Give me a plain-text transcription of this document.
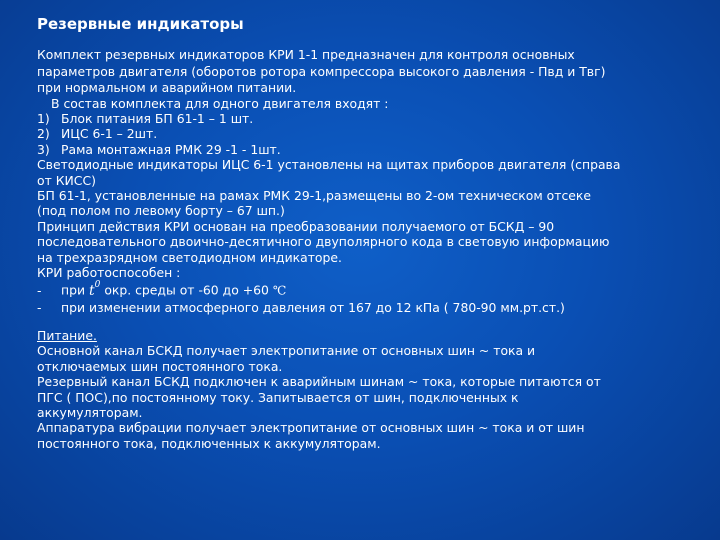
Резервные индикаторы
Комплект резервных индикаторов КРИ 1-1 предназначен для контроля основных
параметров двигателя (оборотов ротора компрессора высокого давления - Пвд и Твг)
при нормальном и аварийном питании.
В состав комплекта для одного двигателя входят :
1) Блок питания БП 61-1 – 1 шт.
2) ИЦС 6-1 – 2шт.
3) Рама монтажная РМК 29 -1 - 1шт.
Светодиодные индикаторы ИЦС 6-1 установлены на щитах приборов двигателя (справа
от КИСС)
БП 61-1, установленные на рамах РМК 29-1,размещены во 2-ом техническом отсеке
(под полом по левому борту – 67 шп.)
Принцип действия КРИ основан на преобразовании получаемого от БСКД – 90
последовательного двоично-десятичного двуполярного кода в световую информацию
на трехразрядном светодиодном индикаторе.
КРИ работоспособен :
- при $t^0$ окр. среды от -60 до +60 ℃
- при изменении атмосферного давления от 167 до 12 кПа ( 780-90 мм.рт.ст.)
Питание.
Основной канал БСКД получает электропитание от основных шин ~ тока и
отключаемых шин постоянного тока.
Резервный канал БСКД подключен к аварийным шинам ~ тока, которые питаются от
ПГС ( ПОС),по постоянному току. Запитывается от шин, подключенных к
аккумуляторам.
Аппаратура вибрации получает электропитание от основных шин ~ тока и от шин
постоянного тока, подключенных к аккумуляторам.
